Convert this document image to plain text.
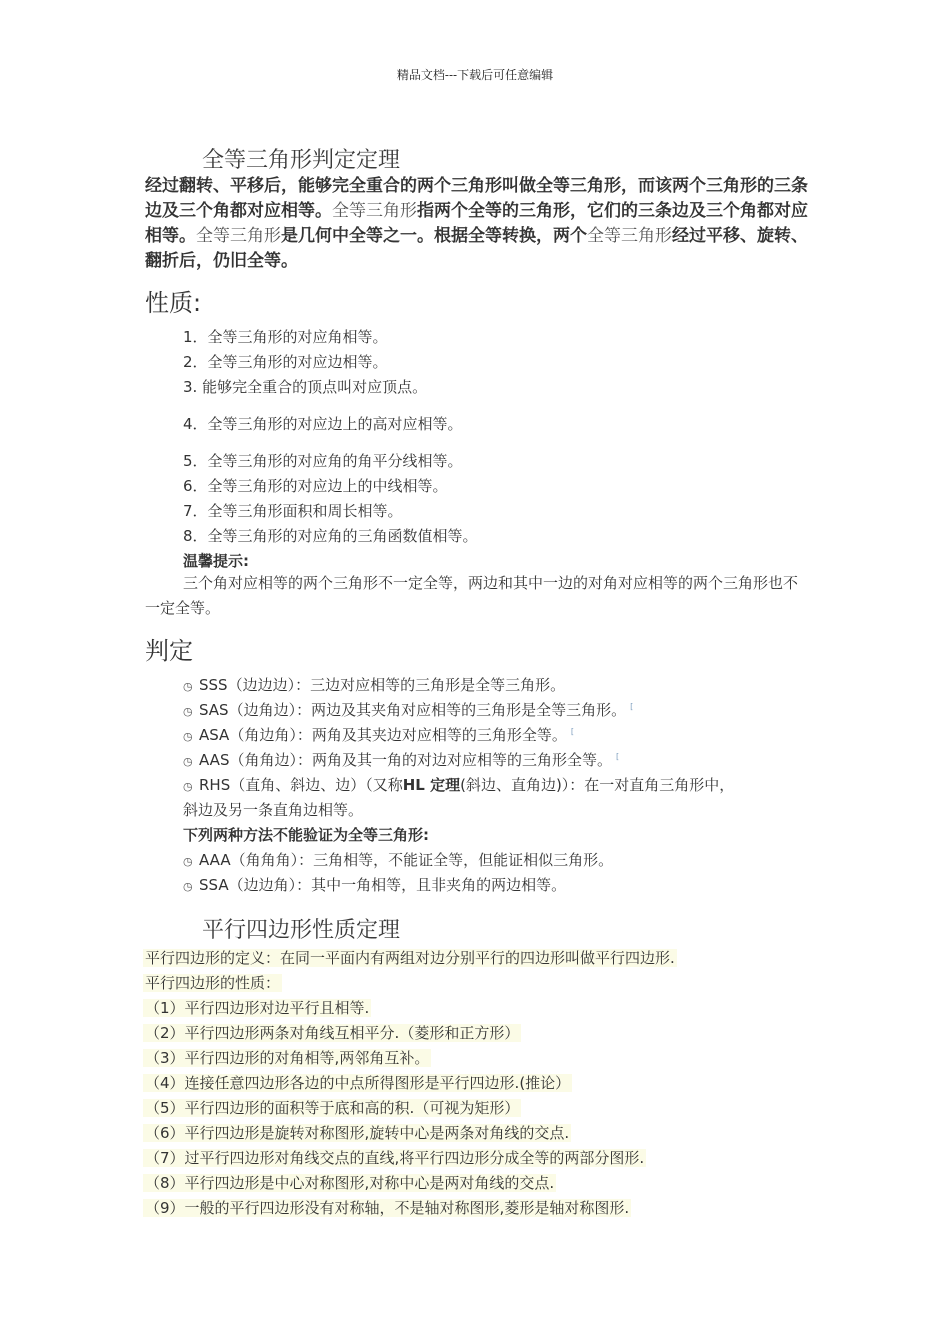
精品文档---下载后可任意编辑
全等三角形判定定理
经过翻转、平移后，能够完全重合的两个三角形叫做全等三角形，而该两个三角形的三条边及三个角都对应相等。全等三角形指两个全等的三角形，它们的三条边及三个角都对应相等。全等三角形是几何中全等之一。根据全等转换，两个全等三角形经过平移、旋转、翻折后，仍旧全等。
性质:
1．全等三角形的对应角相等。
2．全等三角形的对应边相等。
3. 能够完全重合的顶点叫对应顶点。
4．全等三角形的对应边上的高对应相等。
5．全等三角形的对应角的角平分线相等。
6．全等三角形的对应边上的中线相等。
7．全等三角形面积和周长相等。
8．全等三角形的对应角的三角函数值相等。
温馨提示:
三个角对应相等的两个三角形不一定全等，两边和其中一边的对角对应相等的两个三角形也不一定全等。
判定
◷ SSS（边边边）：三边对应相等的三角形是全等三角形。
◷ SAS（边角边）：两边及其夹角对应相等的三角形是全等三角形。 [
◷ ASA（角边角）：两角及其夹边对应相等的三角形全等。 [
◷ AAS（角角边）：两角及其一角的对边对应相等的三角形全等。 [
◷ RHS（直角、斜边、边）（又称HL 定理(斜边、直角边)）：在一对直角三角形中，
斜边及另一条直角边相等。
下列两种方法不能验证为全等三角形:
◷ AAA（角角角）：三角相等，不能证全等，但能证相似三角形。
◷ SSA（边边角）：其中一角相等，且非夹角的两边相等。
平行四边形性质定理
平行四边形的定义：在同一平面内有两组对边分别平行的四边形叫做平行四边形.
平行四边形的性质：
（1）平行四边形对边平行且相等.
（2）平行四边形两条对角线互相平分.（菱形和正方形）
（3）平行四边形的对角相等,两邻角互补。
（4）连接任意四边形各边的中点所得图形是平行四边形.(推论）
（5）平行四边形的面积等于底和高的积.（可视为矩形）
（6）平行四边形是旋转对称图形,旋转中心是两条对角线的交点.
（7）过平行四边形对角线交点的直线,将平行四边形分成全等的两部分图形.
（8）平行四边形是中心对称图形,对称中心是两对角线的交点.
（9）一般的平行四边形没有对称轴，不是轴对称图形,菱形是轴对称图形.
